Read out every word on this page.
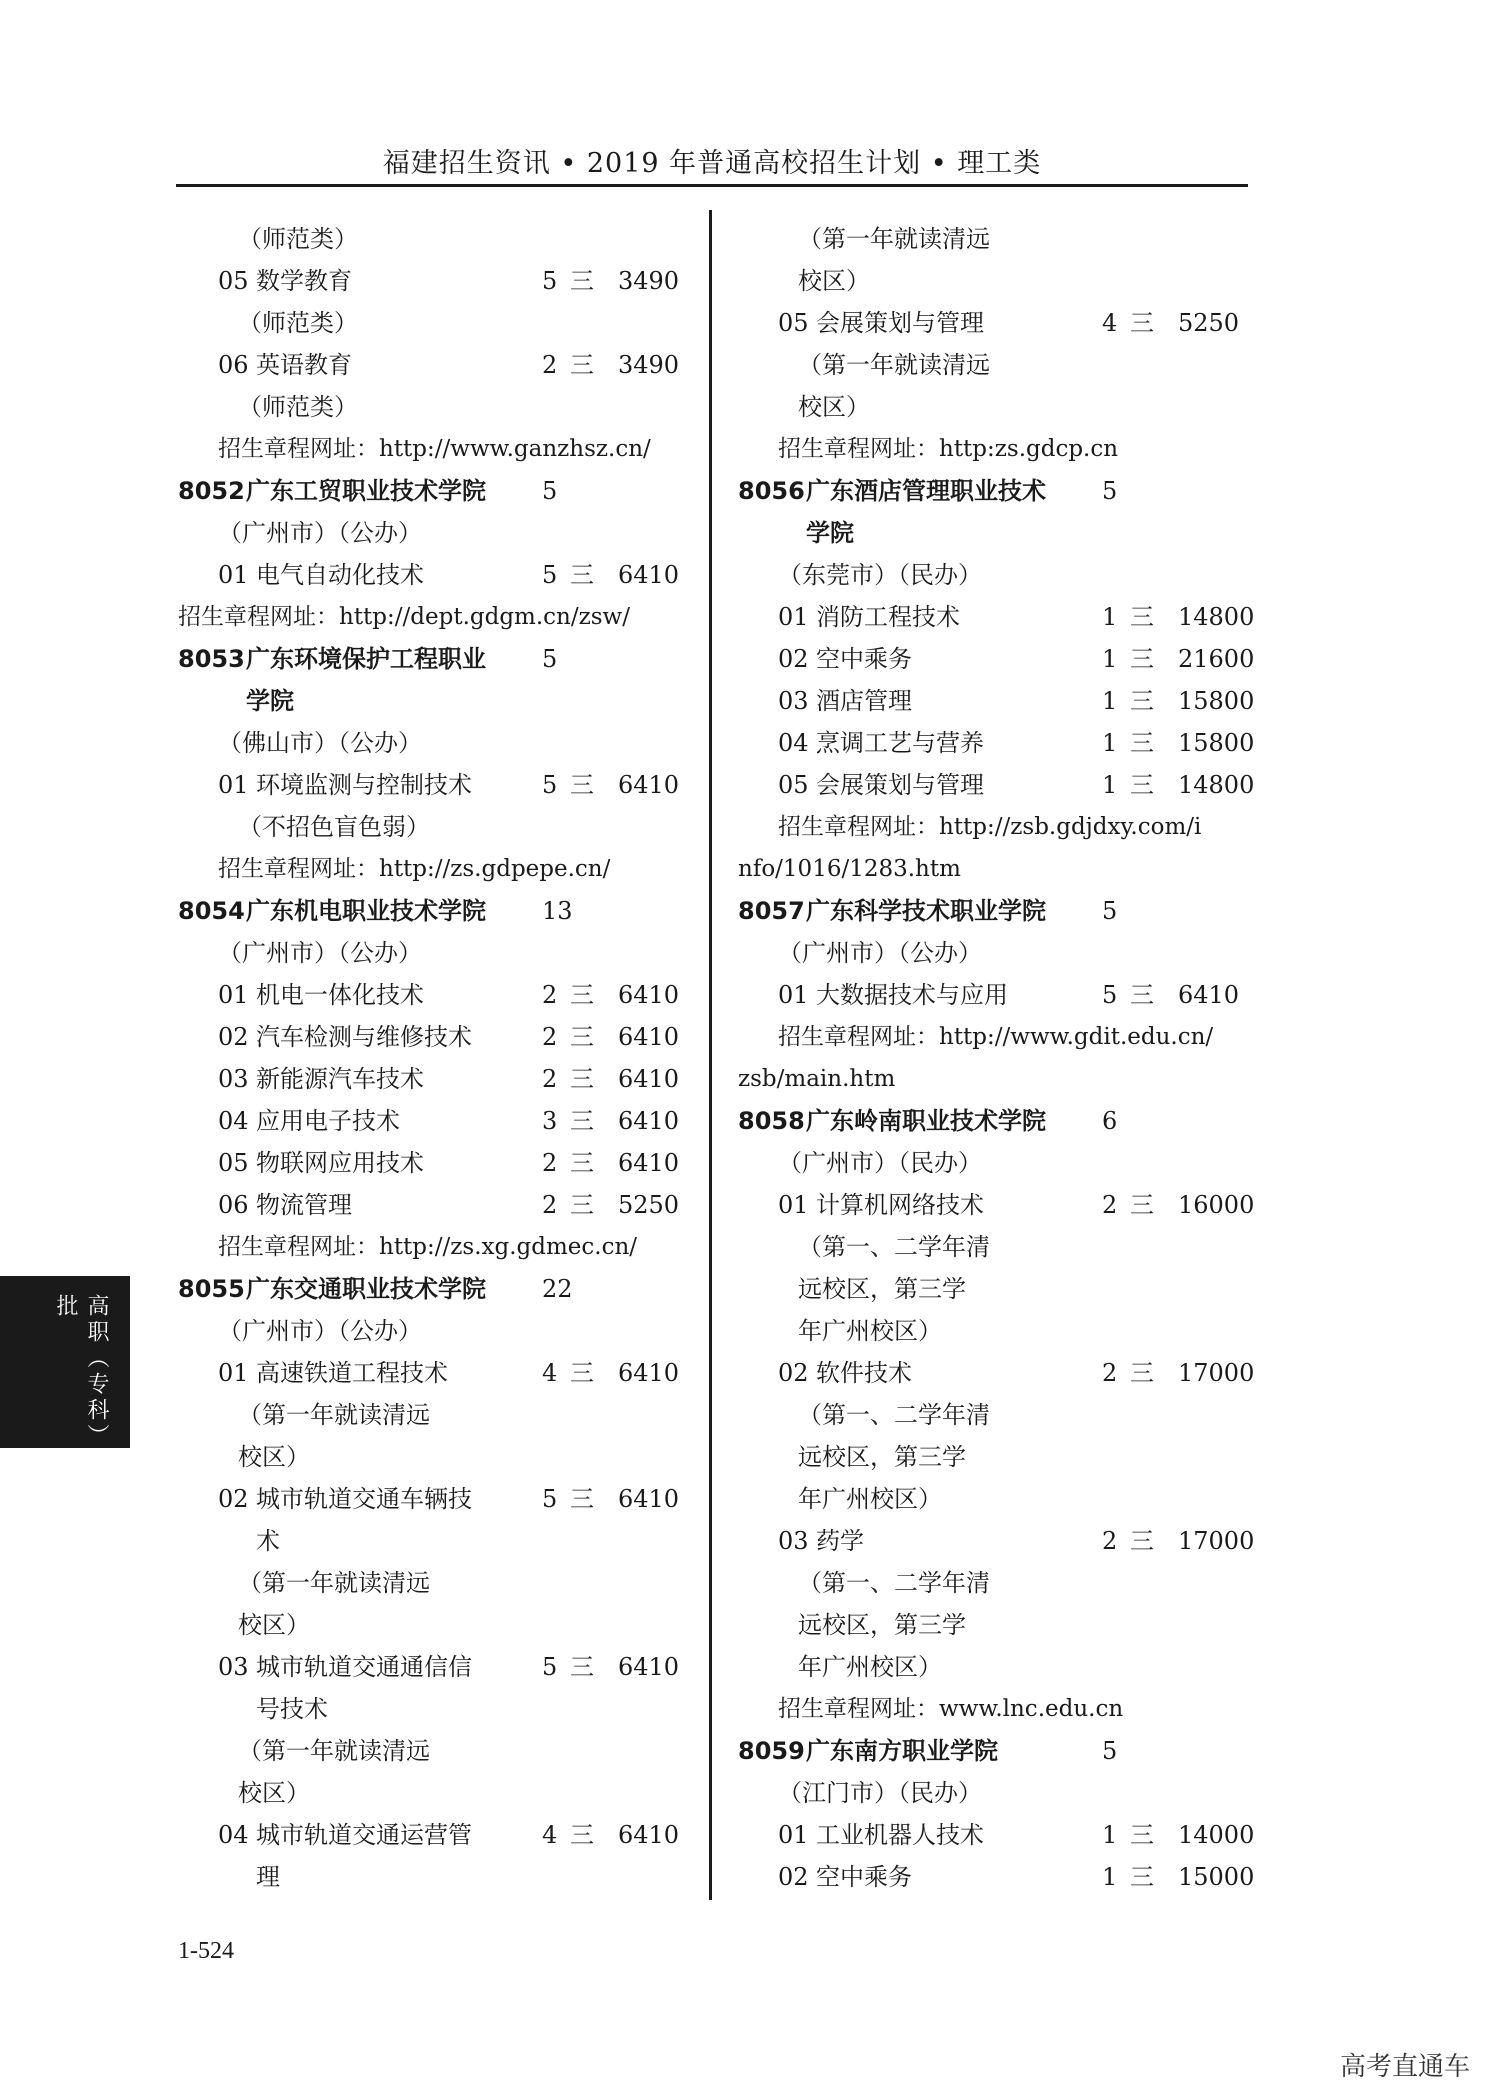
福建招生资讯 • 2019 年普通高校招生计划 • 理工类
高职（专科）批
（师范类）
05 数学教育	5 三 3490
（师范类）
06 英语教育	2 三 3490
（师范类）
招生章程网址：http://www.ganzhsz.cn/
8052 广东工贸职业技术学院 5
（广州市）（公办）
01 电气自动化技术	5 三 6410
招生章程网址：http://dept.gdgm.cn/zsw/
8053 广东环境保护工程职业 5
学院
（佛山市）（公办）
01 环境监测与控制技术	5 三 6410
（不招色盲色弱）
招生章程网址：http://zs.gdpepe.cn/
8054 广东机电职业技术学院 13
（广州市）（公办）
01 机电一体化技术	2 三 6410
02 汽车检测与维修技术	2 三 6410
03 新能源汽车技术	2 三 6410
04 应用电子技术	3 三 6410
05 物联网应用技术	2 三 6410
06 物流管理	2 三 5250
招生章程网址：http://zs.xg.gdmec.cn/
8055 广东交通职业技术学院 22
（广州市）（公办）
01 高速铁道工程技术	4 三 6410
（第一年就读清远
校区）
02 城市轨道交通车辆技	5 三 6410
术
（第一年就读清远
校区）
03 城市轨道交通通信信	5 三 6410
号技术
（第一年就读清远
校区）
04 城市轨道交通运营管	4 三 6410
理
（第一年就读清远
校区）
05 会展策划与管理	4 三 5250
（第一年就读清远
校区）
招生章程网址：http:zs.gdcp.cn
8056 广东酒店管理职业技术 5
学院
（东莞市）（民办）
01 消防工程技术	1 三 14800
02 空中乘务	1 三 21600
03 酒店管理	1 三 15800
04 烹调工艺与营养	1 三 15800
05 会展策划与管理	1 三 14800
招生章程网址：http://zsb.gdjdxy.com/i
nfo/1016/1283.htm
8057 广东科学技术职业学院 5
（广州市）（公办）
01 大数据技术与应用	5 三 6410
招生章程网址：http://www.gdit.edu.cn/
zsb/main.htm
8058 广东岭南职业技术学院 6
（广州市）（民办）
01 计算机网络技术	2 三 16000
（第一、二学年清
远校区，第三学
年广州校区）
02 软件技术	2 三 17000
（第一、二学年清
远校区，第三学
年广州校区）
03 药学	2 三 17000
（第一、二学年清
远校区，第三学
年广州校区）
招生章程网址：www.lnc.edu.cn
8059 广东南方职业学院	5
（江门市）（民办）
01 工业机器人技术	1 三 14000
02 空中乘务	1 三 15000
1-524
高考直通车
